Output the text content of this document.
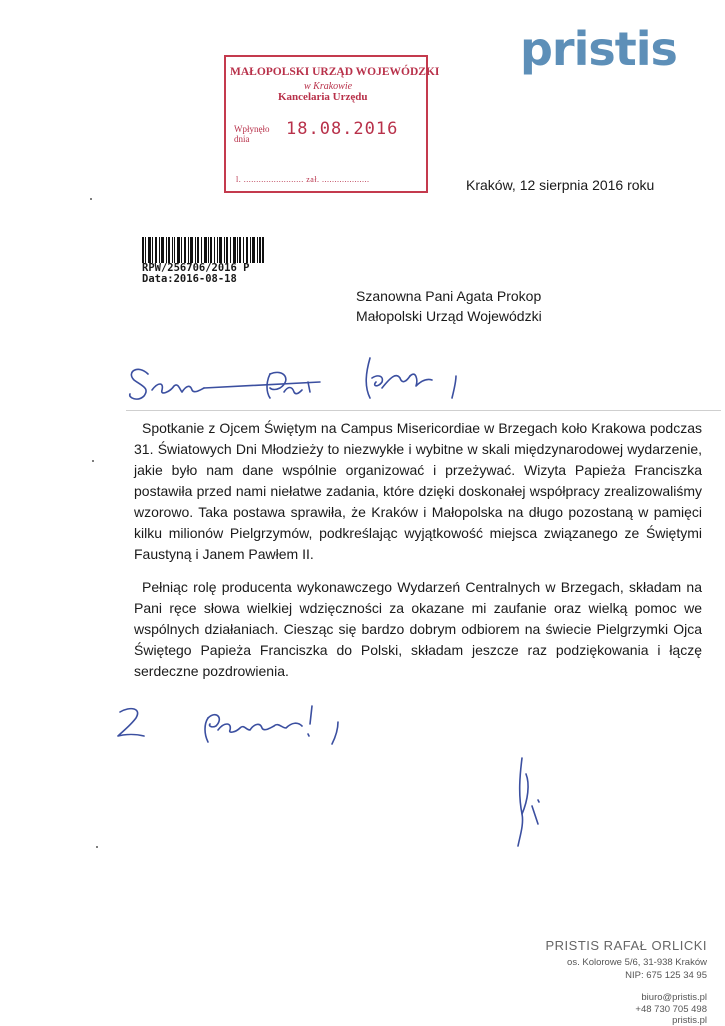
pristis
MAŁOPOLSKI URZĄD WOJEWÓDZKI
w Krakowie
Kancelaria Urzędu
Wpłynęło dnia	18.08.2016
l. ........................ zał. ...................	Kraków, 12 sierpnia 2016 roku
RPW/256706/2016 P
Data:2016-08-18
Szanowna Pani Agata Prokop
Małopolski Urząd Wojewódzki
Spotkanie z Ojcem Świętym na Campus Misericordiae w Brzegach koło Krakowa podczas 31. Światowych Dni Młodzieży to niezwykłe i wybitne w skali międzynarodowej wydarzenie, jakie było nam dane wspólnie organizować i przeżywać. Wizyta Papieża Franciszka postawiła przed nami niełatwe zadania, które dzięki doskonałej współpracy zrealizowaliśmy wzorowo. Taka postawa sprawiła, że Kraków i Małopolska na długo pozostaną w pamięci kilku milionów Pielgrzymów, podkreślając wyjątkowość miejsca związanego ze Świętymi Faustyną i Janem Pawłem II.
Pełniąc rolę producenta wykonawczego Wydarzeń Centralnych w Brzegach, składam na Pani ręce słowa wielkiej wdzięczności za okazane mi zaufanie oraz wielką pomoc we wspólnych działaniach. Ciesząc się bardzo dobrym odbiorem na świecie Pielgrzymki Ojca Świętego Papieża Franciszka do Polski, składam jeszcze raz podziękowania i łączę serdeczne pozdrowienia.
PRISTIS RAFAŁ ORLICKI
os. Kolorowe 5/6, 31-938 Kraków
NIP: 675 125 34 95
biuro@pristis.pl
+48 730 705 498
pristis.pl
